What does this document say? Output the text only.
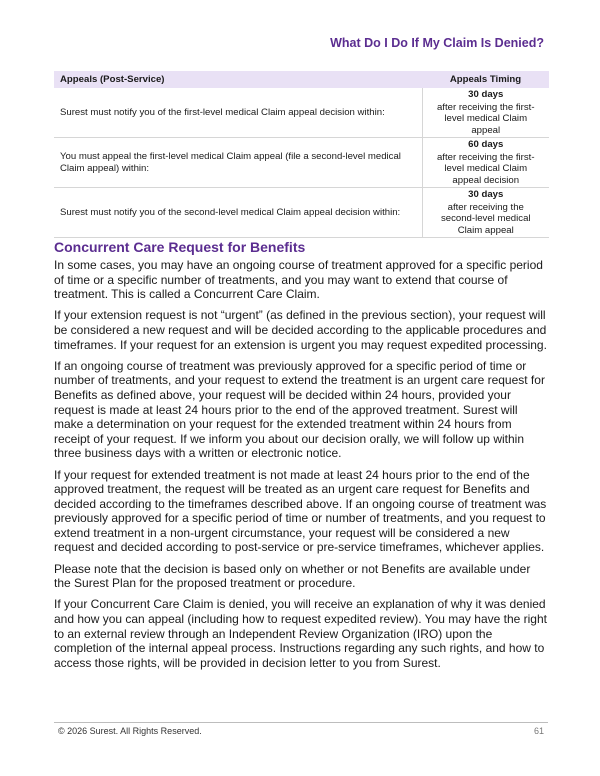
What Do I Do If My Claim Is Denied?
Appeals (Post-Service)	Appeals Timing
Surest must notify you of the first-level medical Claim appeal decision within:	30 days
after receiving the first-level medical Claim appeal
You must appeal the first-level medical Claim appeal (file a second-level medical Claim appeal) within:	60 days
after receiving the first-level medical Claim appeal decision
Surest must notify you of the second-level medical Claim appeal decision within:	30 days
after receiving the second-level medical Claim appeal
Concurrent Care Request for Benefits

In some cases, you may have an ongoing course of treatment approved for a specific period of time or a specific number of treatments, and you may want to extend that course of treatment. This is called a Concurrent Care Claim.

If your extension request is not “urgent” (as defined in the previous section), your request will be considered a new request and will be decided according to the applicable procedures and timeframes. If your request for an extension is urgent you may request expedited processing.

If an ongoing course of treatment was previously approved for a specific period of time or number of treatments, and your request to extend the treatment is an urgent care request for Benefits as defined above, your request will be decided within 24 hours, provided your request is made at least 24 hours prior to the end of the approved treatment. Surest will make a determination on your request for the extended treatment within 24 hours from receipt of your request. If we inform you about our decision orally, we will follow up within three business days with a written or electronic notice.

If your request for extended treatment is not made at least 24 hours prior to the end of the approved treatment, the request will be treated as an urgent care request for Benefits and decided according to the timeframes described above. If an ongoing course of treatment was previously approved for a specific period of time or number of treatments, and you request to extend treatment in a non-urgent circumstance, your request will be considered a new request and decided according to post-service or pre-service timeframes, whichever applies.

Please note that the decision is based only on whether or not Benefits are available under the Surest Plan for the proposed treatment or procedure.

If your Concurrent Care Claim is denied, you will receive an explanation of why it was denied and how you can appeal (including how to request expedited review). You may have the right to an external review through an Independent Review Organization (IRO) upon the completion of the internal appeal process. Instructions regarding any such rights, and how to access those rights, will be provided in decision letter to you from Surest.

© 2026 Surest. All Rights Reserved.	61
